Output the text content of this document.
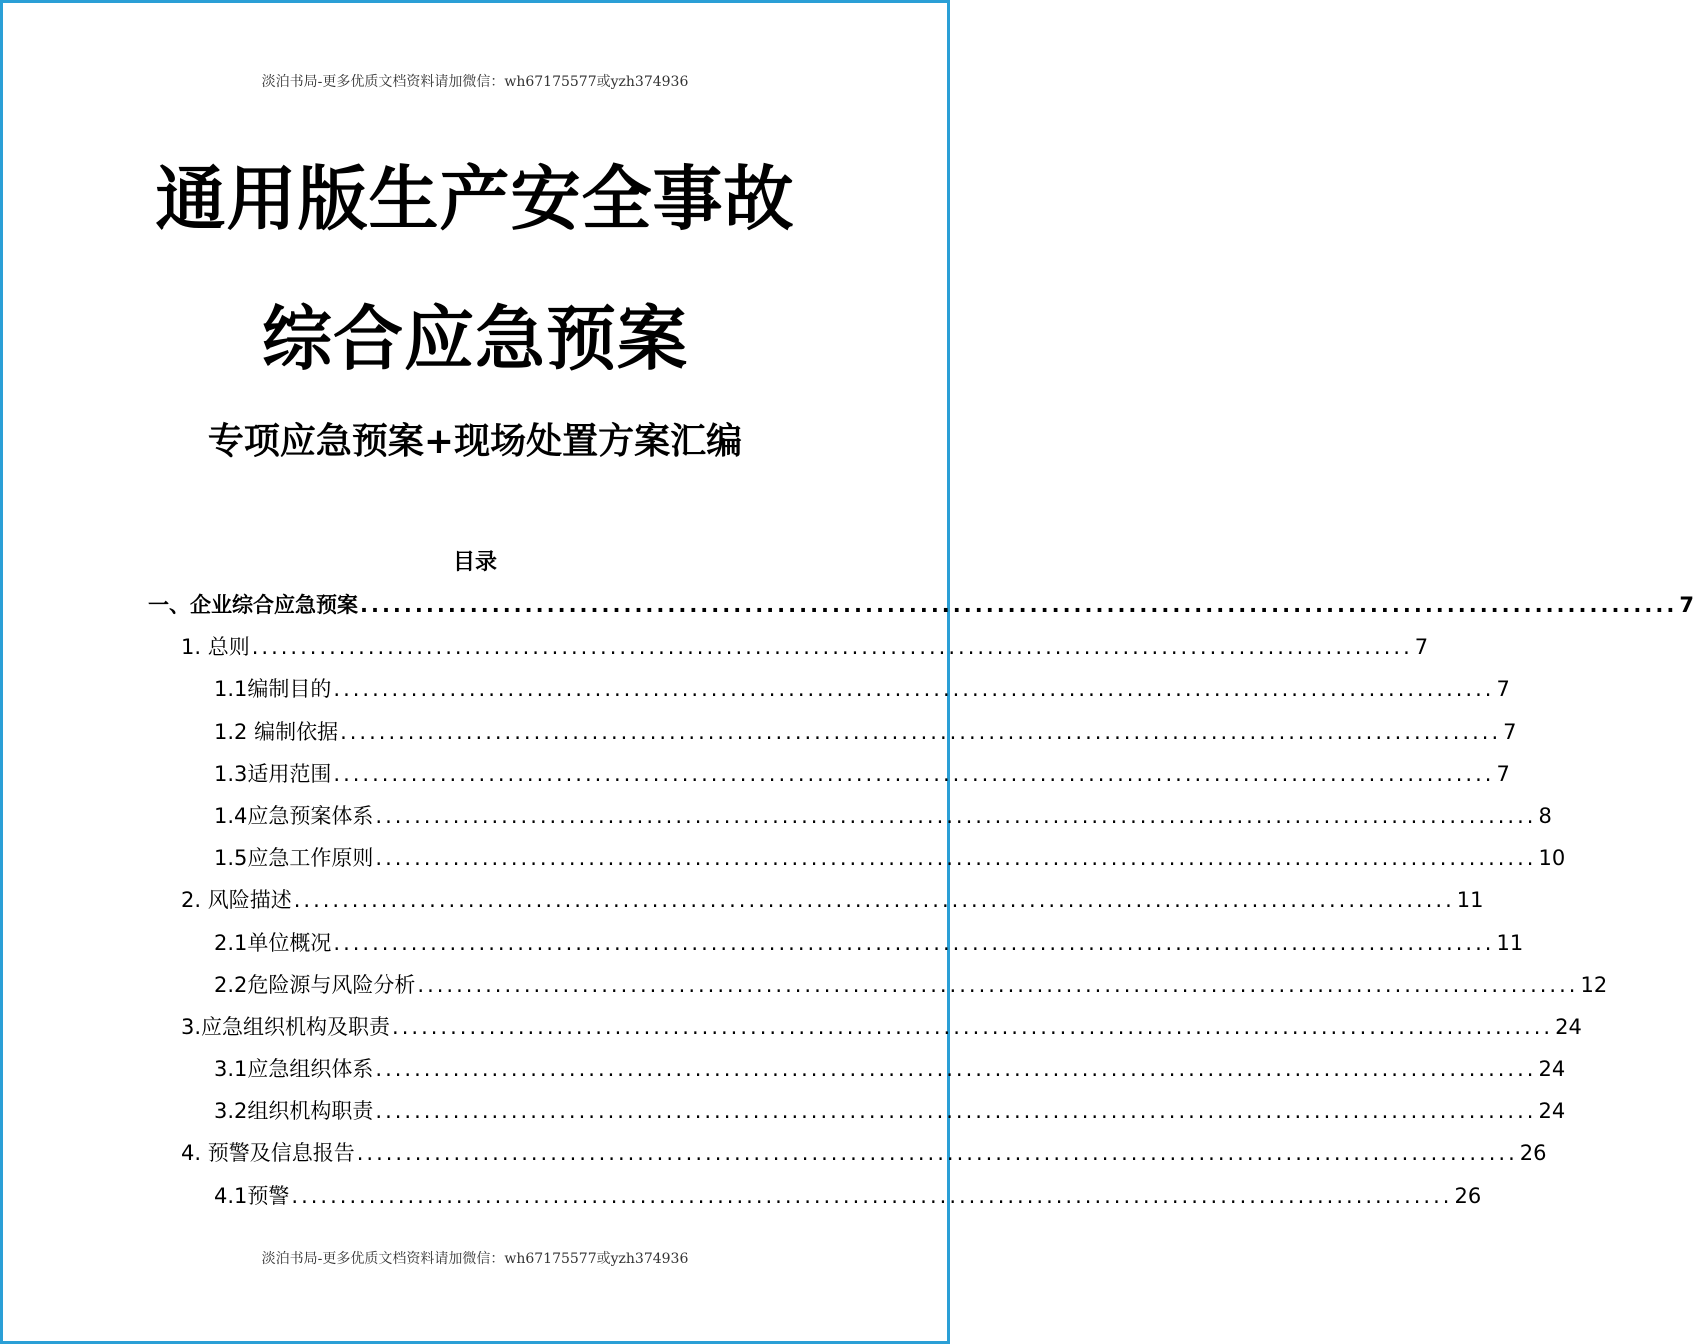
淡泊书局-更多优质文档资料请加微信：wh67175577或yzh374936
通用版生产安全事故
综合应急预案
专项应急预案+现场处置方案汇编
目录
一、企业综合应急预案 ........................................................................................................................ 7
1. 总则 ........................................................................................................................ 7
1.1编制目的 ........................................................................................................................ 7
1.2 编制依据 ........................................................................................................................ 7
1.3适用范围 ........................................................................................................................ 7
1.4应急预案体系 ........................................................................................................................ 8
1.5应急工作原则 ........................................................................................................................ 10
2. 风险描述 ........................................................................................................................ 11
2.1单位概况 ........................................................................................................................ 11
2.2危险源与风险分析 ........................................................................................................................ 12
3.应急组织机构及职责 ........................................................................................................................ 24
3.1应急组织体系 ........................................................................................................................ 24
3.2组织机构职责 ........................................................................................................................ 24
4. 预警及信息报告 ........................................................................................................................ 26
4.1预警 ........................................................................................................................ 26
淡泊书局-更多优质文档资料请加微信：wh67175577或yzh374936
